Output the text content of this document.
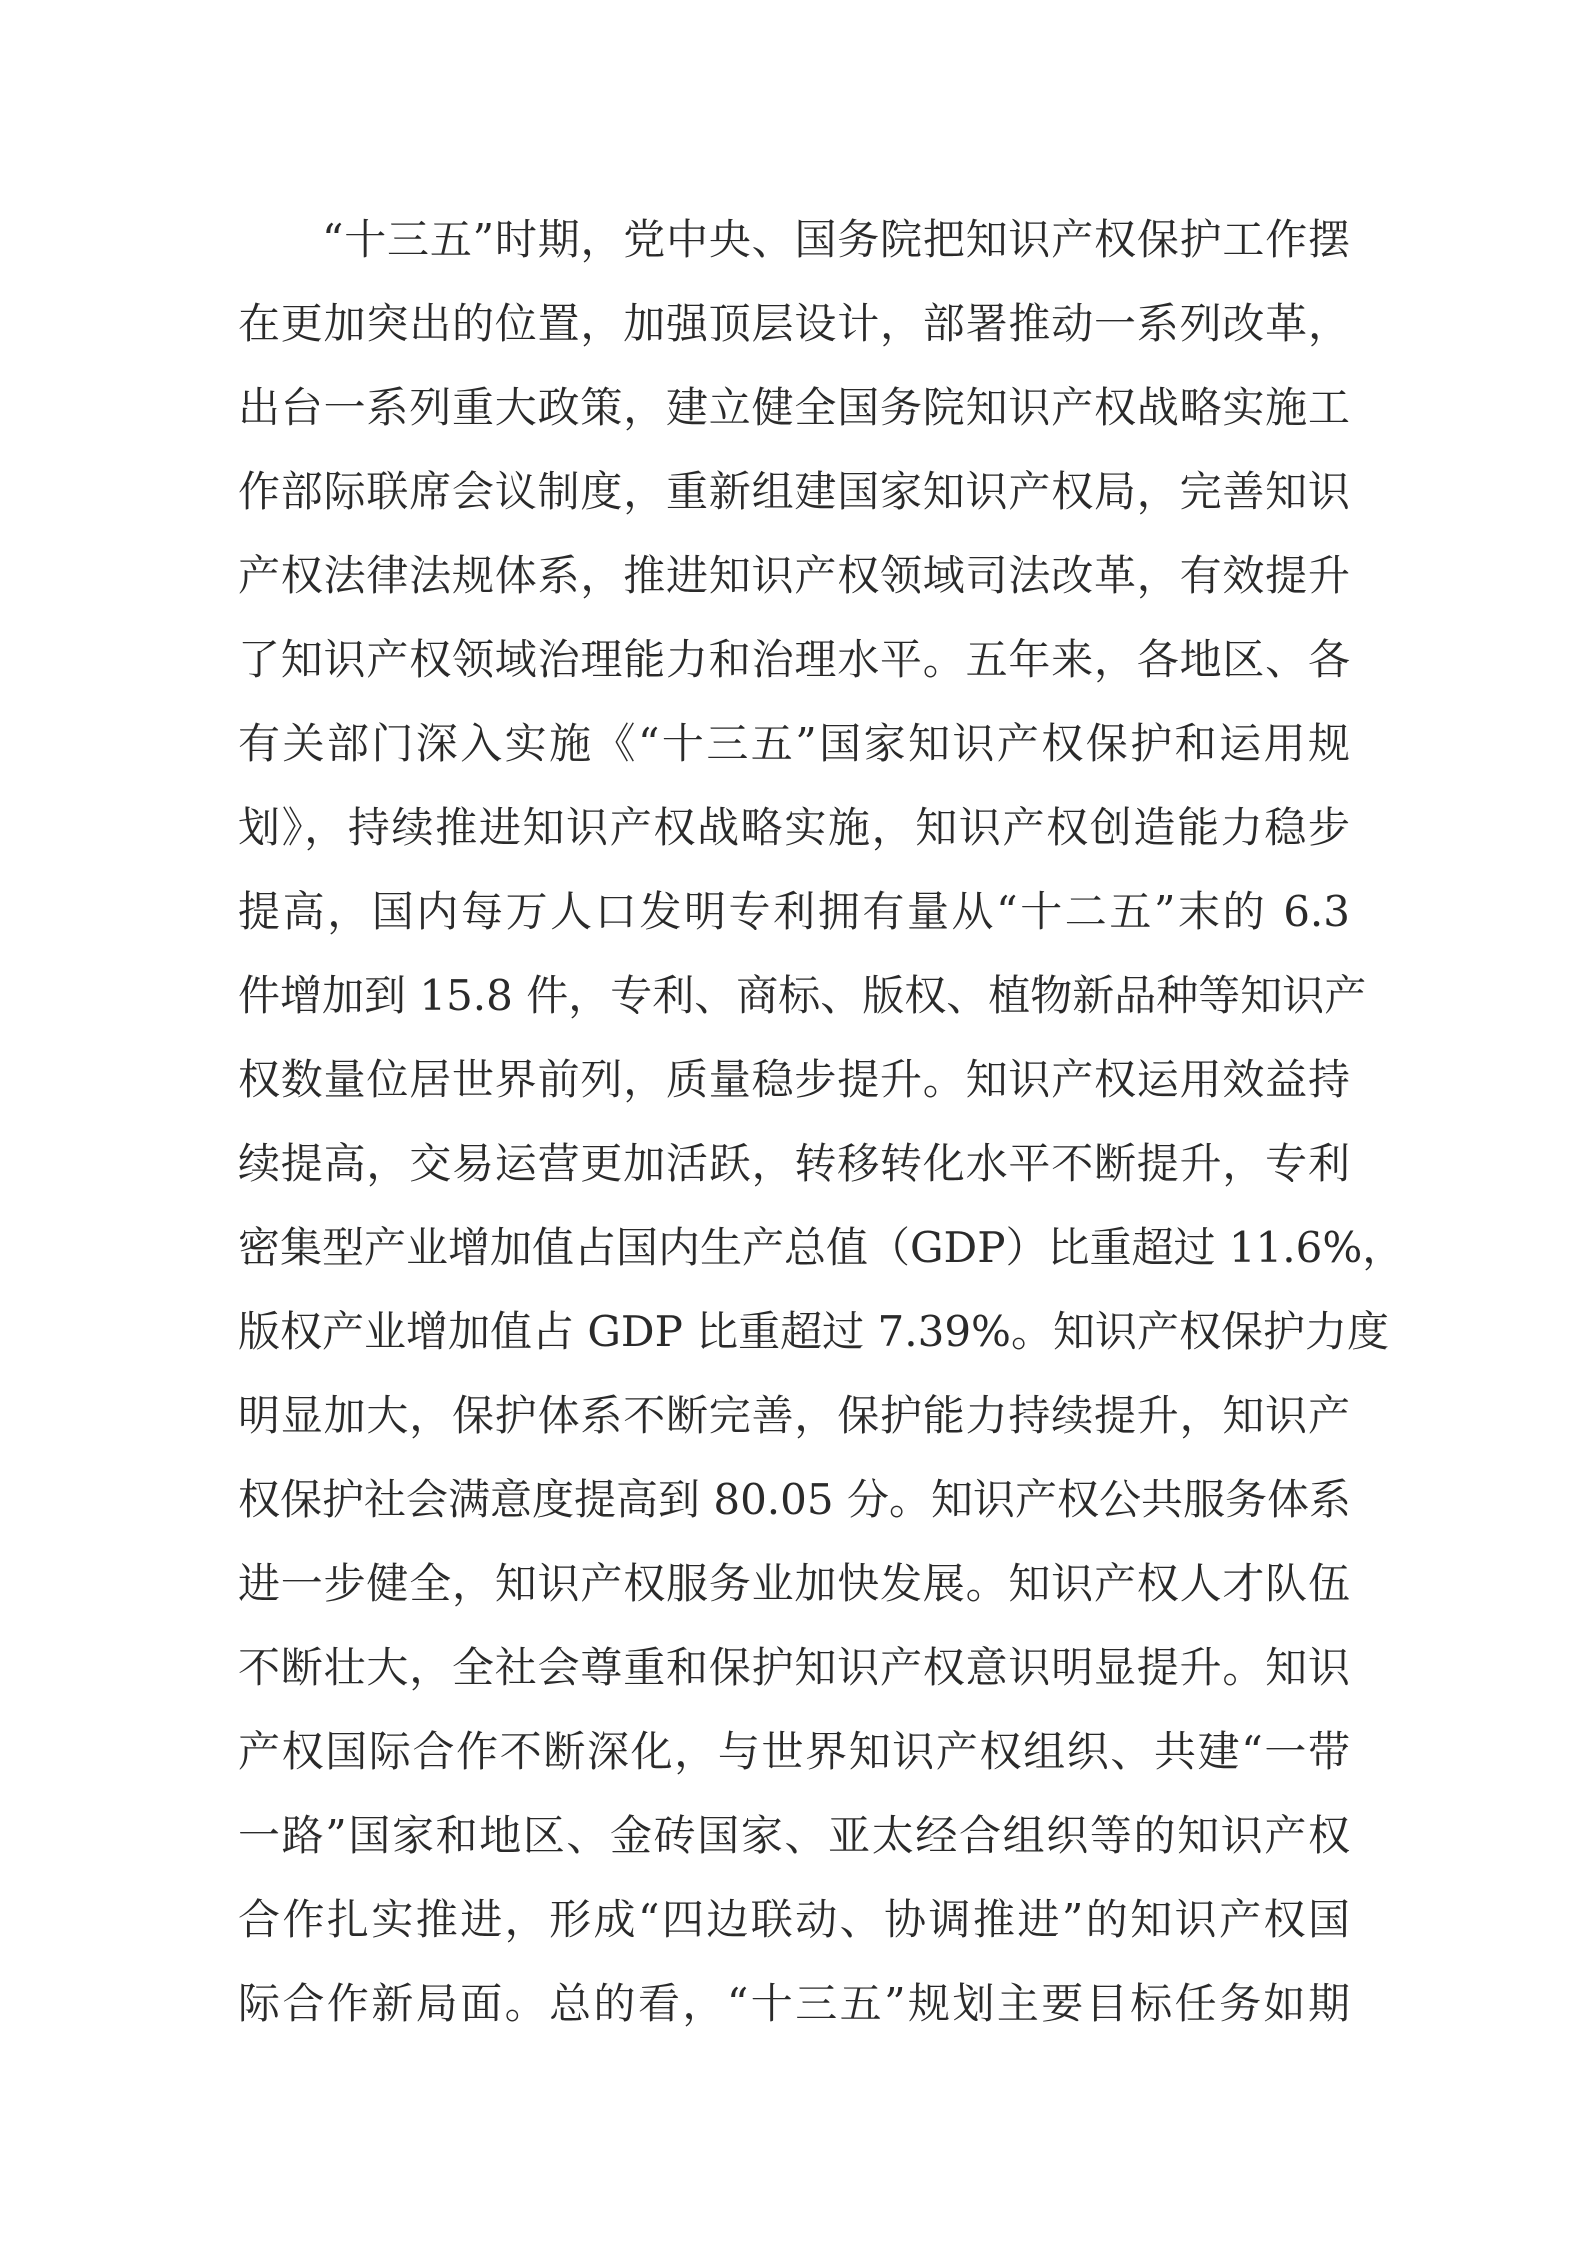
“十三五”时期，党中央、国务院把知识产权保护工作摆
在更加突出的位置，加强顶层设计，部署推动一系列改革，
出台一系列重大政策，建立健全国务院知识产权战略实施工
作部际联席会议制度，重新组建国家知识产权局，完善知识
产权法律法规体系，推进知识产权领域司法改革，有效提升
了知识产权领域治理能力和治理水平。五年来，各地区、各
有关部门深入实施《“十三五”国家知识产权保护和运用规
划》，持续推进知识产权战略实施，知识产权创造能力稳步
提高，国内每万人口发明专利拥有量从“十二五”末的 6.3
件增加到 15.8 件，专利、商标、版权、植物新品种等知识产
权数量位居世界前列，质量稳步提升。知识产权运用效益持
续提高，交易运营更加活跃，转移转化水平不断提升，专利
密集型产业增加值占国内生产总值（GDP）比重超过 11.6%，
版权产业增加值占 GDP 比重超过 7.39%。知识产权保护力度
明显加大，保护体系不断完善，保护能力持续提升，知识产
权保护社会满意度提高到 80.05 分。知识产权公共服务体系
进一步健全，知识产权服务业加快发展。知识产权人才队伍
不断壮大，全社会尊重和保护知识产权意识明显提升。知识
产权国际合作不断深化，与世界知识产权组织、共建“一带
一路”国家和地区、金砖国家、亚太经合组织等的知识产权
合作扎实推进，形成“四边联动、协调推进”的知识产权国
际合作新局面。总的看，“十三五”规划主要目标任务如期
